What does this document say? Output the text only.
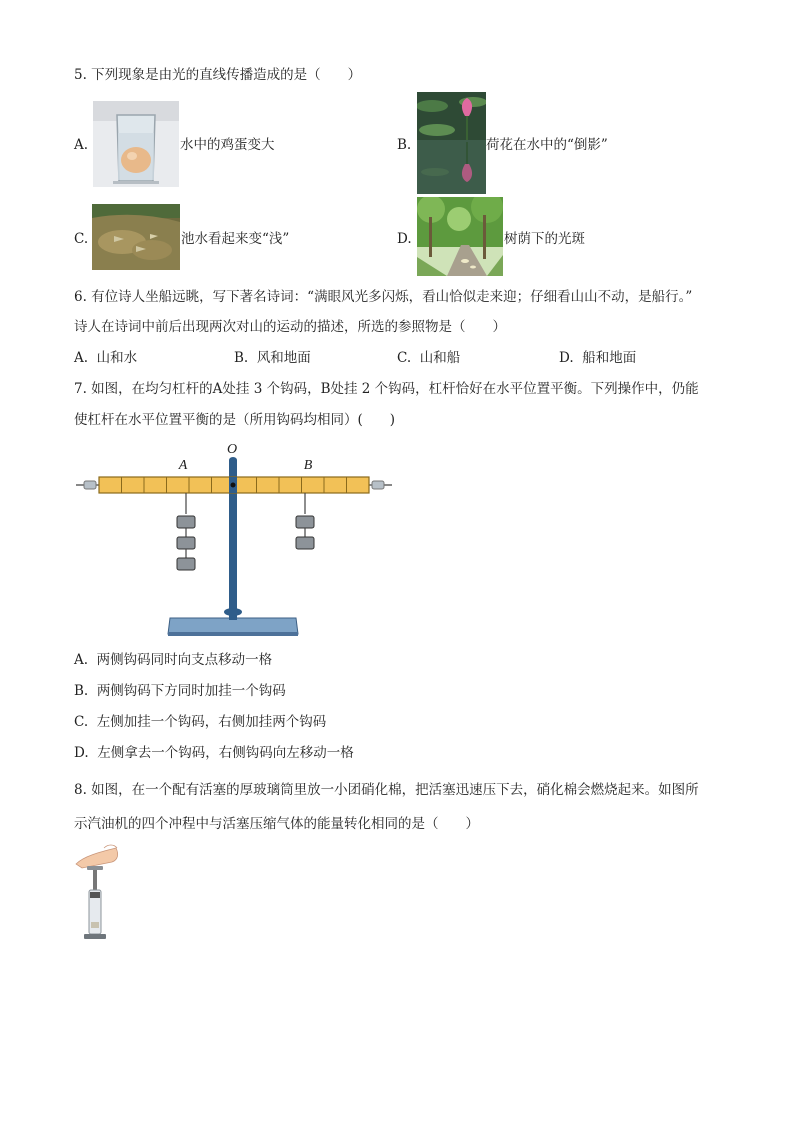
5. 下列现象是由光的直线传播造成的是（　　）
A.	水中的鸡蛋变大	B.	荷花在水中的“倒影”
C.	池水看起来变“浅”	D.	树荫下的光斑
6. 有位诗人坐船远眺，写下著名诗词：“满眼风光多闪烁，看山恰似走来迎；仔细看山山不动，是船行。”
诗人在诗词中前后出现两次对山的运动的描述，所选的参照物是（　　）
A. 山和水	B. 风和地面	C. 山和船	D. 船和地面
7. 如图，在均匀杠杆的A处挂 3 个钩码，B处挂 2 个钩码，杠杆恰好在水平位置平衡。下列操作中，仍能
使杠杆在水平位置平衡的是（所用钩码均相同）(　　)
O
A	B
A. 两侧钩码同时向支点移动一格
B. 两侧钩码下方同时加挂一个钩码
C. 左侧加挂一个钩码，右侧加挂两个钩码
D. 左侧拿去一个钩码，右侧钩码向左移动一格
8. 如图，在一个配有活塞的厚玻璃筒里放一小团硝化棉，把活塞迅速压下去，硝化棉会燃烧起来。如图所
示汽油机的四个冲程中与活塞压缩气体的能量转化相同的是（　　）
